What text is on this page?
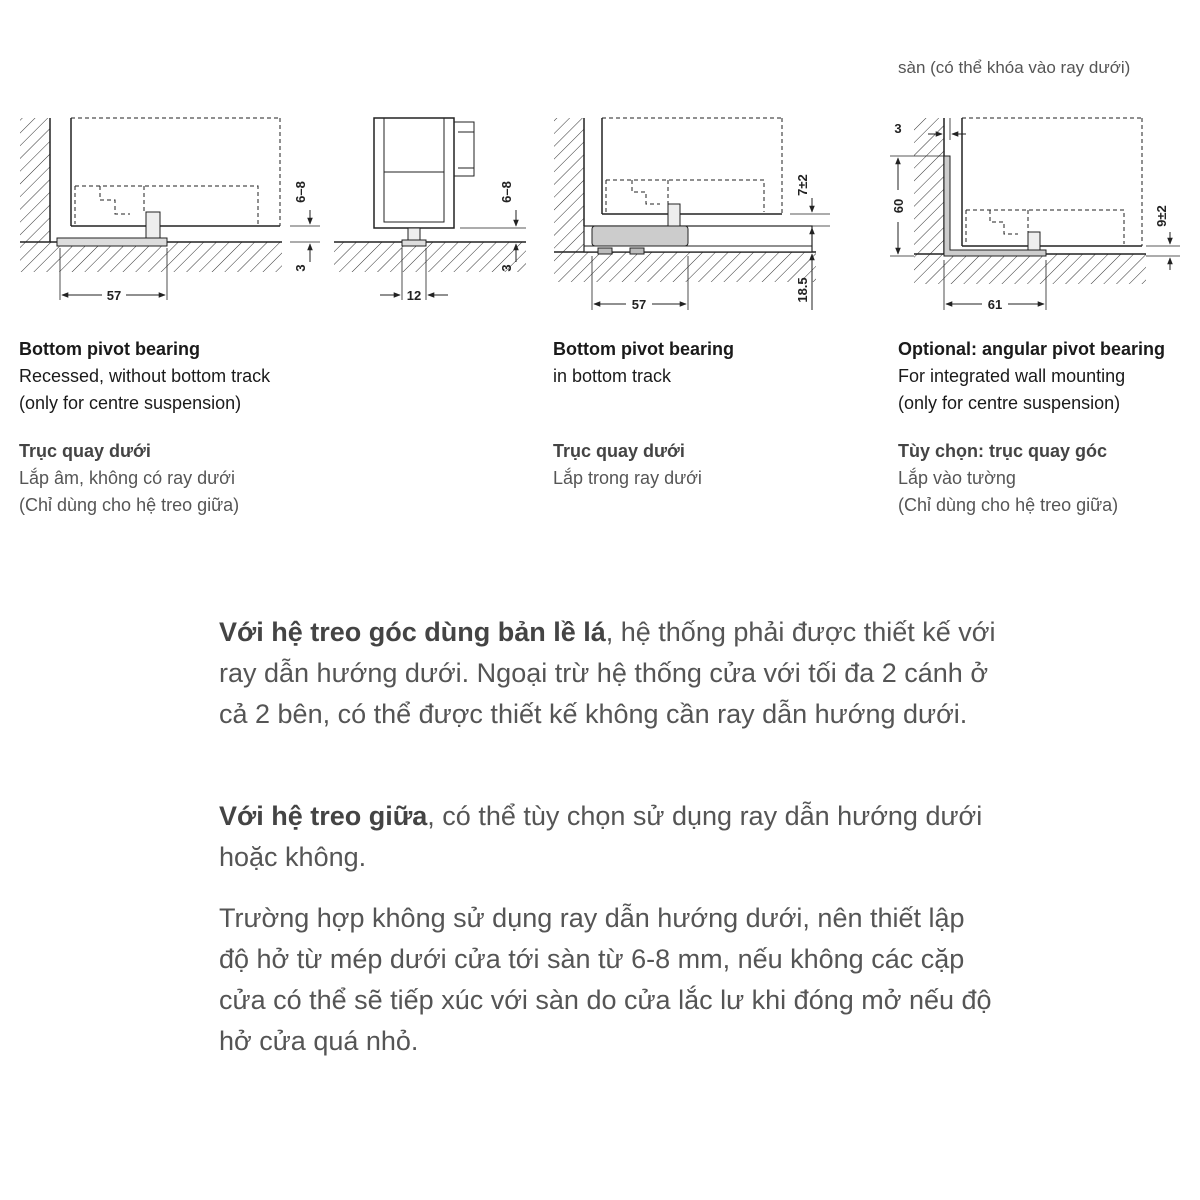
sàn (có thể khóa vào ray dưới)
57
6–8
3
12
6–8
3
57
7±2
18.5
3
60	9±2
61
Bottom pivot bearing
Recessed, without bottom track
(only for centre suspension)
Trục quay dưới
Lắp âm, không có ray dưới
(Chỉ dùng cho hệ treo giữa)
Bottom pivot bearing
in bottom track
Trục quay dưới
Lắp trong ray dưới
Optional: angular pivot bearing
For integrated wall mounting
(only for centre suspension)
Tùy chọn: trục quay góc
Lắp vào tường
(Chỉ dùng cho hệ treo giữa)
Với hệ treo góc dùng bản lề lá, hệ thống phải được thiết kế với ray dẫn hướng dưới. Ngoại trừ hệ thống cửa với tối đa 2 cánh ở cả 2 bên, có thể được thiết kế không cần ray dẫn hướng dưới.
Với hệ treo giữa, có thể tùy chọn sử dụng ray dẫn hướng dưới hoặc không.
Trường hợp không sử dụng ray dẫn hướng dưới, nên thiết lập độ hở từ mép dưới cửa tới sàn từ 6-8 mm, nếu không các cặp cửa có thể sẽ tiếp xúc với sàn do cửa lắc lư khi đóng mở nếu độ hở cửa quá nhỏ.
